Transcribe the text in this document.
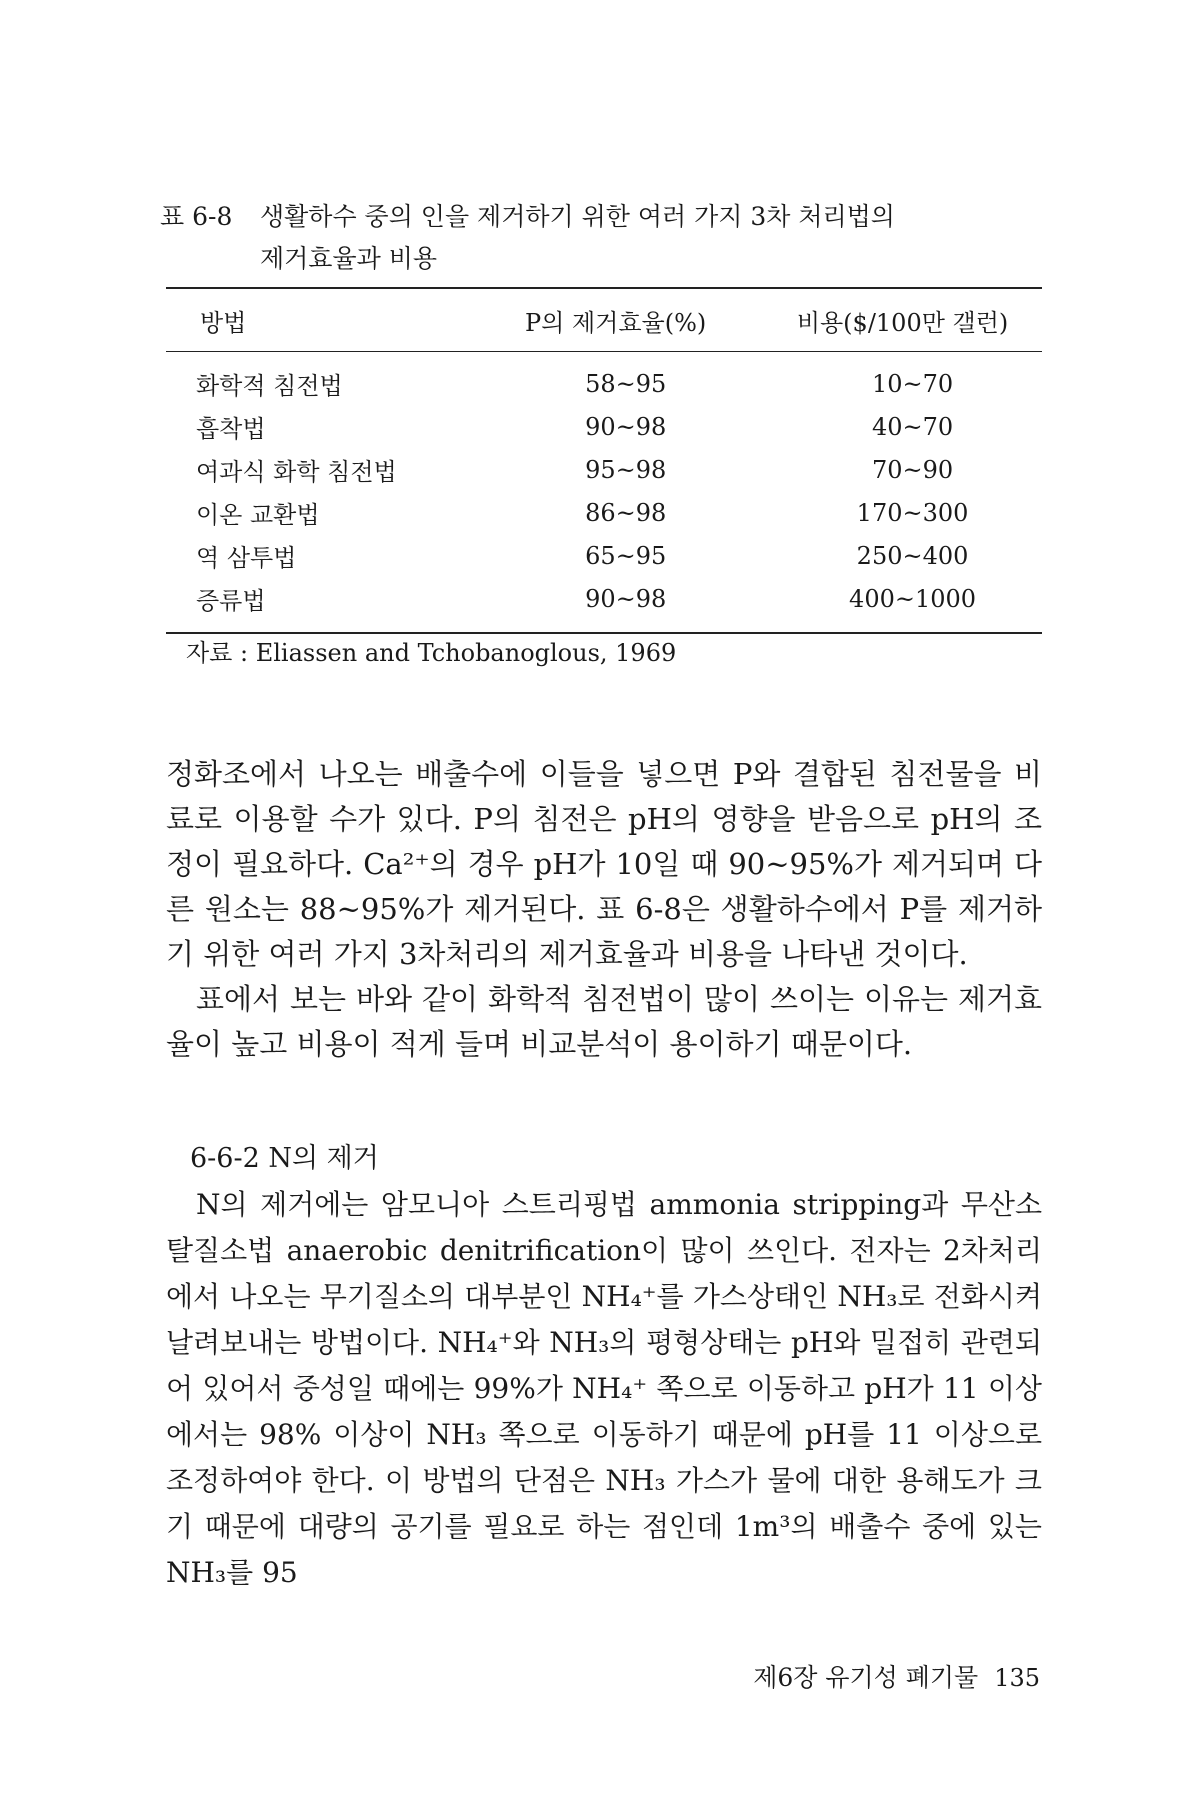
표 6-8 생활하수 중의 인을 제거하기 위한 여러 가지 3차 처리법의
제거효율과 비용
방법	P의 제거효율(%)	비용($/100만 갤런)
화학적 침전법	58~95	10~70
흡착법	90~98	40~70
여과식 화학 침전법	95~98	70~90
이온 교환법	86~98	170~300
역 삼투법	65~95	250~400
증류법	90~98	400~1000
자료 : Eliassen and Tchobanoglous, 1969

정화조에서 나오는 배출수에 이들을 넣으면 P와 결합된 침전물을 비료로 이용할 수가 있다. P의 침전은 pH의 영향을 받음으로 pH의 조정이 필요하다. Ca²⁺의 경우 pH가 10일 때 90~95%가 제거되며 다른 원소는 88~95%가 제거된다. 표 6-8은 생활하수에서 P를 제거하기 위한 여러 가지 3차처리의 제거효율과 비용을 나타낸 것이다.

표에서 보는 바와 같이 화학적 침전법이 많이 쓰이는 이유는 제거효율이 높고 비용이 적게 들며 비교분석이 용이하기 때문이다.

6-6-2 N의 제거

N의 제거에는 암모니아 스트리핑법 ammonia stripping과 무산소 탈질소법 anaerobic denitrification이 많이 쓰인다. 전자는 2차처리에서 나오는 무기질소의 대부분인 NH₄⁺를 가스상태인 NH₃로 전화시켜 날려보내는 방법이다. NH₄⁺와 NH₃의 평형상태는 pH와 밀접히 관련되어 있어서 중성일 때에는 99%가 NH₄⁺ 쪽으로 이동하고 pH가 11 이상에서는 98% 이상이 NH₃ 쪽으로 이동하기 때문에 pH를 11 이상으로 조정하여야 한다. 이 방법의 단점은 NH₃ 가스가 물에 대한 용해도가 크기 때문에 대량의 공기를 필요로 하는 점인데 1m³의 배출수 중에 있는 NH₃를 95

제6장 유기성 폐기물 135
